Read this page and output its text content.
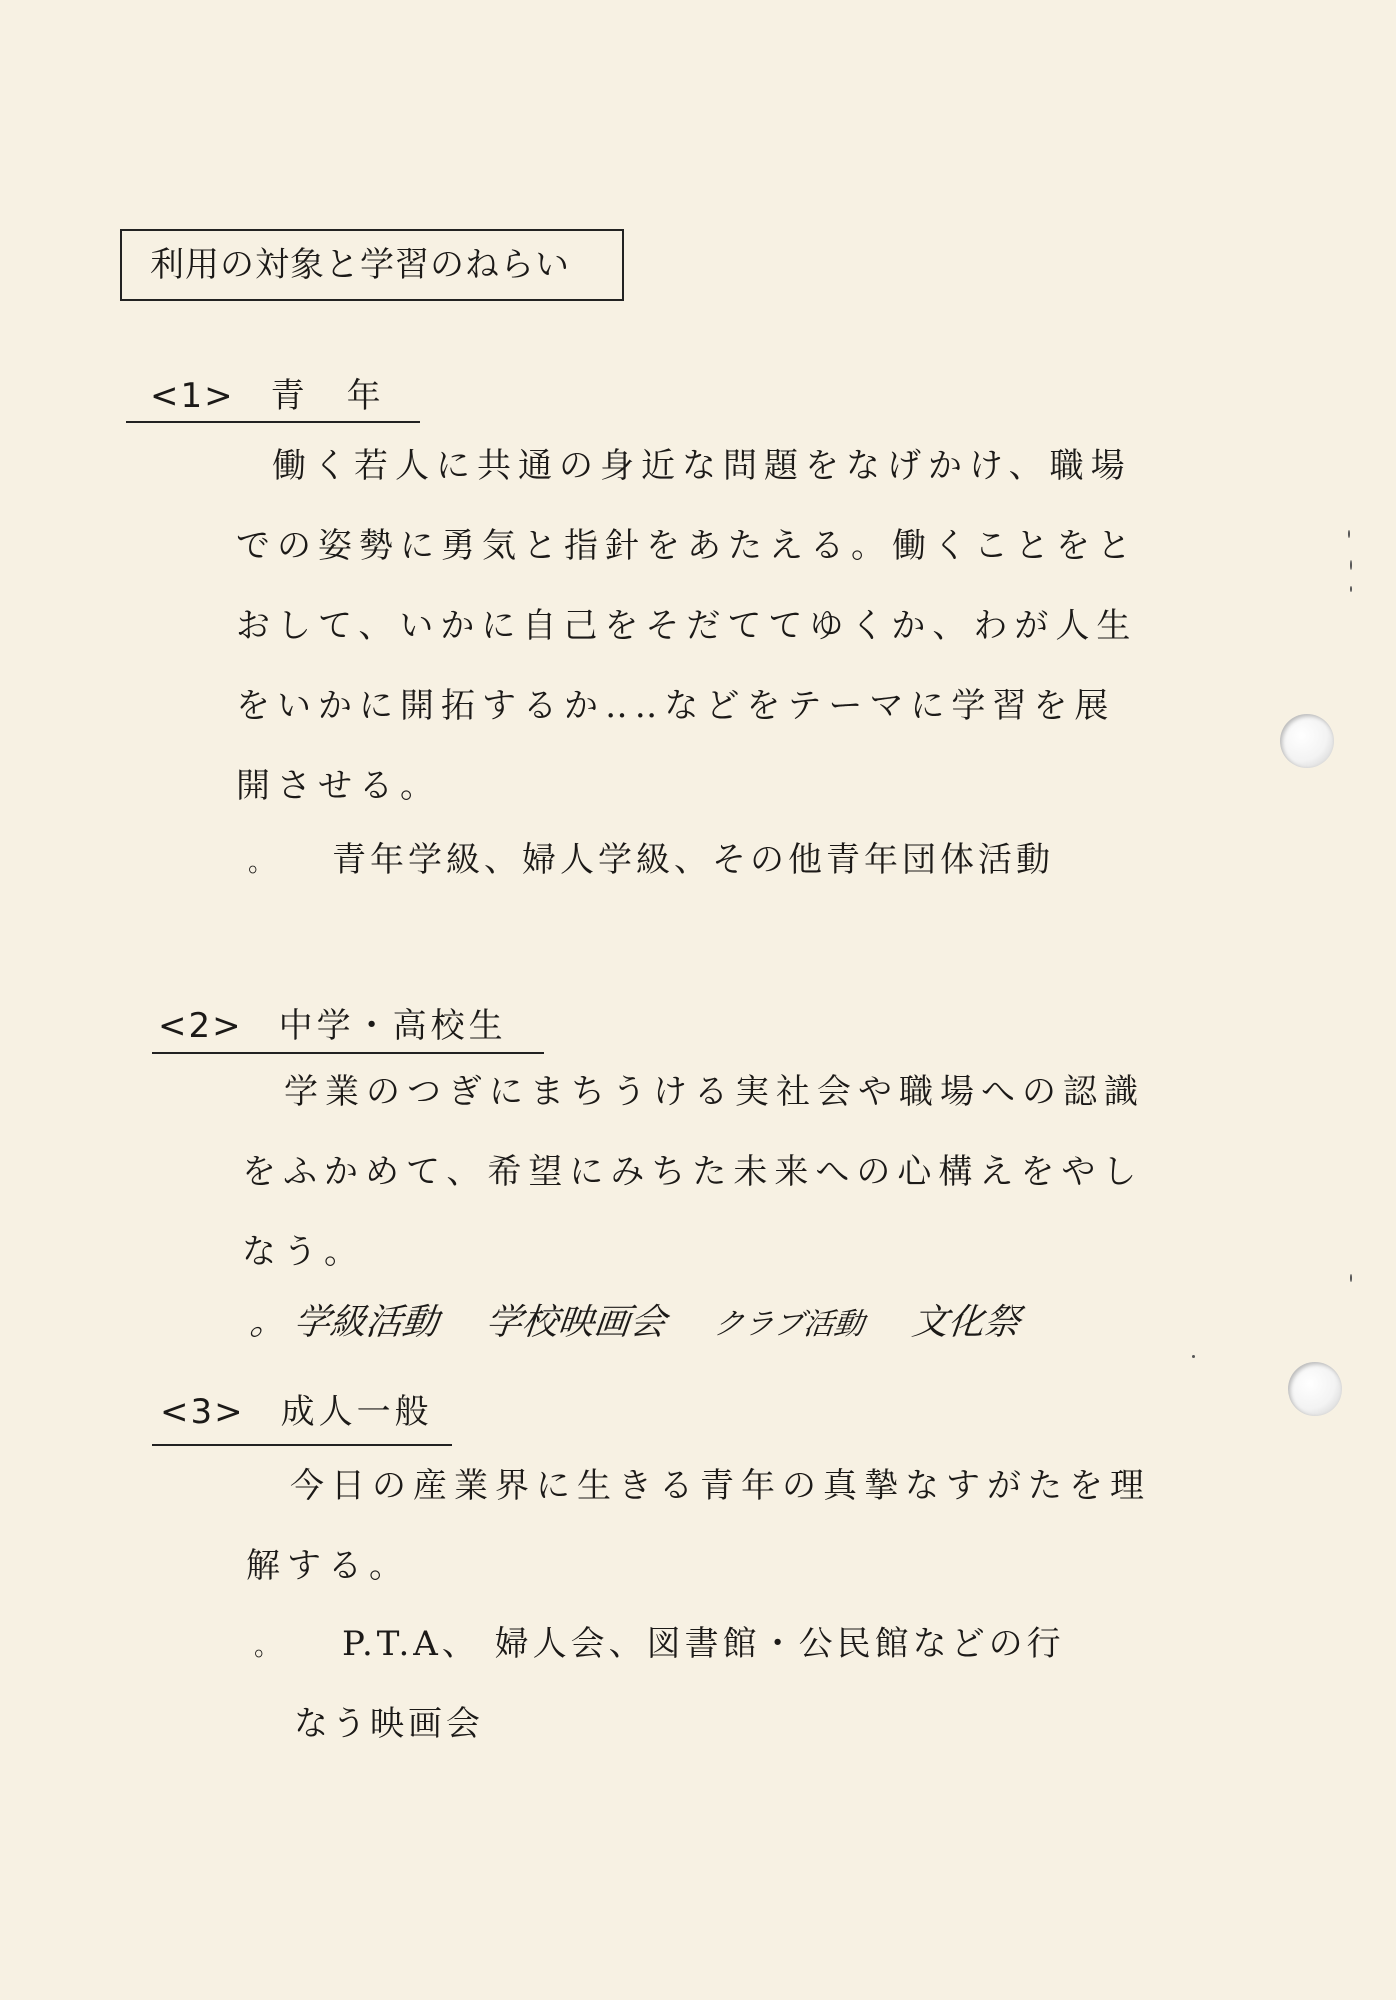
利用の対象と学習のねらい
<1> 青　年
働く若人に共通の身近な問題をなげかけ、職場
での姿勢に勇気と指針をあたえる。働くことをと
おして、いかに自己をそだててゆくか、わが人生
をいかに開拓するか‥‥などをテーマに学習を展
開させる。
。 青年学級、婦人学級、その他青年団体活動
<2> 中学・高校生
学業のつぎにまちうける実社会や職場への認識
をふかめて、希望にみちた未来への心構えをやし
なう。
。 学級活動 学校映画会 クラブ活動 文化祭
<3> 成人一般
今日の産業界に生きる青年の真摯なすがたを理
解する。
。 P.T.A、 婦人会、図書館・公民館などの行
なう映画会
